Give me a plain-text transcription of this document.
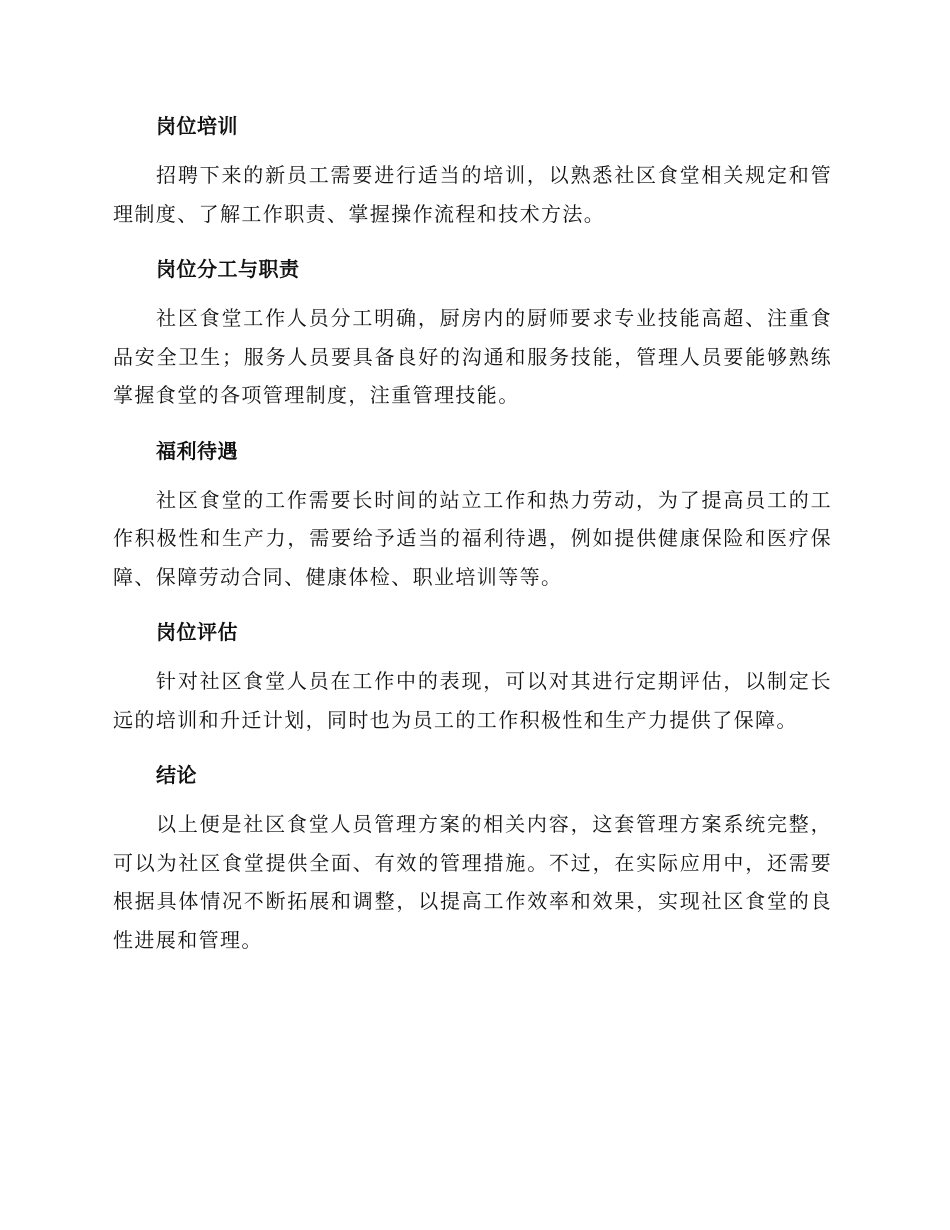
岗位培训

招聘下来的新员工需要进行适当的培训，以熟悉社区食堂相关规定和管理制度、了解工作职责、掌握操作流程和技术方法。

岗位分工与职责

社区食堂工作人员分工明确，厨房内的厨师要求专业技能高超、注重食品安全卫生；服务人员要具备良好的沟通和服务技能，管理人员要能够熟练掌握食堂的各项管理制度，注重管理技能。

福利待遇

社区食堂的工作需要长时间的站立工作和热力劳动，为了提高员工的工作积极性和生产力，需要给予适当的福利待遇，例如提供健康保险和医疗保障、保障劳动合同、健康体检、职业培训等等。

岗位评估

针对社区食堂人员在工作中的表现，可以对其进行定期评估，以制定长远的培训和升迁计划，同时也为员工的工作积极性和生产力提供了保障。

结论

以上便是社区食堂人员管理方案的相关内容，这套管理方案系统完整，可以为社区食堂提供全面、有效的管理措施。不过，在实际应用中，还需要根据具体情况不断拓展和调整，以提高工作效率和效果，实现社区食堂的良性进展和管理。
